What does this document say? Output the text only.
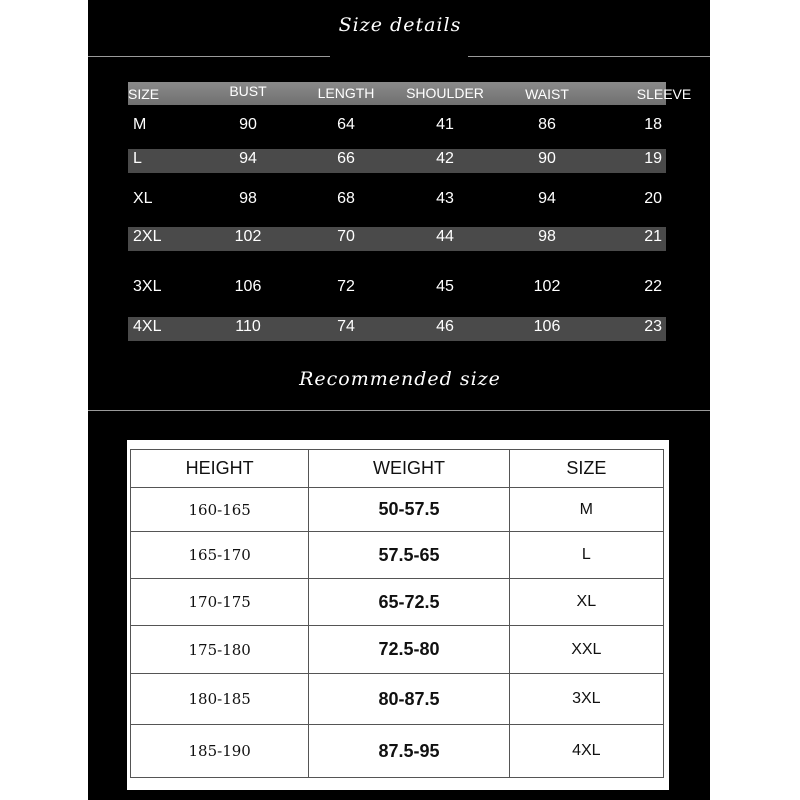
Size details
SIZE	BUST	LENGTH	SHOULDER	WAIST	SLEEVE
M	90	64	41	86	18
L	94	66	42	90	19
XL	98	68	43	94	20
2XL	102	70	44	98	21
3XL	106	72	45	102	22
4XL	110	74	46	106	23
Recommended size
HEIGHT	WEIGHT	SIZE
160-165	50-57.5	M
165-170	57.5-65	L
170-175	65-72.5	XL
175-180	72.5-80	XXL
180-185	80-87.5	3XL
185-190	87.5-95	4XL
